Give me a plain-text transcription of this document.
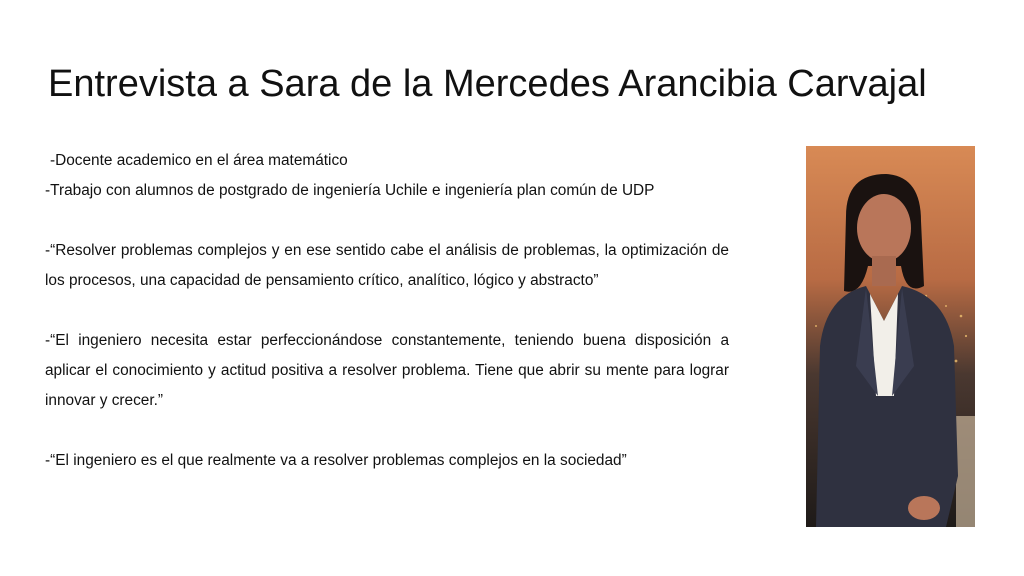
Entrevista a Sara de la Mercedes Arancibia Carvajal

-Docente academico en el área matemático

-Trabajo con alumnos de postgrado de ingeniería Uchile e ingeniería plan común de UDP

-“Resolver problemas complejos y en ese sentido cabe el análisis de problemas, la optimización de los procesos, una capacidad de pensamiento crítico, analítico, lógico y abstracto”

-“El ingeniero necesita estar perfeccionándose constantemente, teniendo buena disposición a aplicar el conocimiento y actitud positiva a resolver problema. Tiene que abrir su mente para lograr innovar y crecer.”

-“El ingeniero es el que realmente va a resolver problemas complejos en la sociedad”
